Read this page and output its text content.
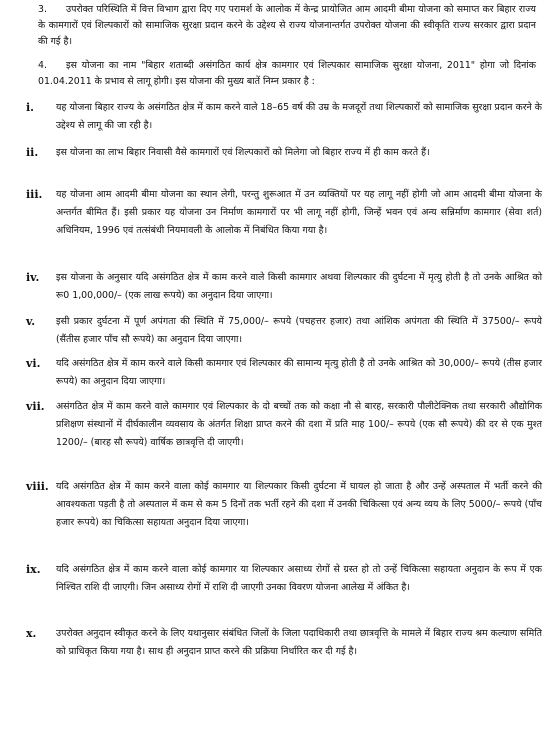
3. उपरोक्त परिस्थिति में वित्त विभाग द्वारा दिए गए परामर्श के आलोक में केन्द्र प्रायोजित आम आदमी बीमा योजना को समाप्त कर बिहार राज्य के कामगारों एवं शिल्पकारों को सामाजिक सुरक्षा प्रदान करने के उद्देश्य से राज्य योजनान्तर्गत उपरोक्त योजना की स्वीकृति राज्य सरकार द्वारा प्रदान की गई है।
4. इस योजना का नाम "बिहार शताब्दी असंगठित कार्य क्षेत्र कामगार एवं शिल्पकार सामाजिक सुरक्षा योजना, 2011" होगा जो दिनांक 01.04.2011 के प्रभाव से लागू होगी। इस योजना की मुख्य बातें निम्न प्रकार है :
i.	यह योजना बिहार राज्य के असंगठित क्षेत्र में काम करने वाले 18–65 वर्ष की उम्र के मजदूरों तथा शिल्पकारों को सामाजिक सुरक्षा प्रदान करने के उद्देश्य से लागू की जा रही है।
ii.	इस योजना का लाभ बिहार निवासी वैसे कामगारों एवं शिल्पकारों को मिलेगा जो बिहार राज्य में ही काम करते हैं।
iii.	यह योजना आम आदमी बीमा योजना का स्थान लेगी, परन्तु शुरूआत में उन व्यक्तियों पर यह लागू नहीं होगी जो आम आदमी बीमा योजना के अन्तर्गत बीमित हैं। इसी प्रकार यह योजना उन निर्माण कामगारों पर भी लागू नहीं होगी, जिन्हें भवन एवं अन्य सन्निर्माण कामगार (सेवा शर्त) अधिनियम, 1996 एवं तत्संबंधी नियमावली के आलोक में निबंधित किया गया है।
iv.	इस योजना के अनुसार यदि असंगठित क्षेत्र में काम करने वाले किसी कामगार अथवा शिल्पकार की दुर्घटना में मृत्यु होती है तो उनके आश्रित को रू0 1,00,000/– (एक लाख रूपये) का अनुदान दिया जाएगा।
v.	इसी प्रकार दुर्घटना में पूर्ण अपंगता की स्थिति में 75,000/– रूपये (पचहत्तर हजार) तथा आंशिक अपंगता की स्थिति में 37500/– रूपये (सैंतीस हजार पाँच सौ रूपये) का अनुदान दिया जाएगा।
vi.	यदि असंगठित क्षेत्र में काम करने वाले किसी कामगार एवं शिल्पकार की सामान्य मृत्यु होती है तो उनके आश्रित को 30,000/– रूपये (तीस हजार रूपये) का अनुदान दिया जाएगा।
vii.	असंगठित क्षेत्र में काम करने वाले कामगार एवं शिल्पकार के दो बच्चों तक को कक्षा नौ से बारह, सरकारी पौलीटेक्निक तथा सरकारी औद्योगिक प्रशिक्षण संस्थानों में दीर्घकालीन व्यवसाय के अंतर्गत शिक्षा प्राप्त करने की दशा में प्रति माह 100/– रूपये (एक सौ रूपये) की दर से एक मुश्त 1200/– (बारह सौ रूपये) वार्षिक छात्रवृत्ति दी जाएगी।
viii. यदि असंगठित क्षेत्र में काम करने वाला कोई कामगार या शिल्पकार किसी दुर्घटना में घायल हो जाता है और उन्हें अस्पताल में भर्ती करने की आवश्यकता पड़ती है तो अस्पताल में कम से कम 5 दिनों तक भर्ती रहने की दशा में उनकी चिकित्सा एवं अन्य व्यय के लिए 5000/– रूपये (पाँच हजार रूपये) का चिकित्सा सहायता अनुदान दिया जाएगा।
ix.	यदि असंगठित क्षेत्र में काम करने वाला कोई कामगार या शिल्पकार असाध्य रोगों से ग्रस्त हो तो उन्हें चिकित्सा सहायता अनुदान के रूप में एक निश्चित राशि दी जाएगी। जिन असाध्य रोगों में राशि दी जाएगी उनका विवरण योजना आलेख में अंकित है।
x.	उपरोक्त अनुदान स्वीकृत करने के लिए यथानुसार संबंधित जिलों के जिला पदाधिकारी तथा छात्रवृत्ति के मामले में बिहार राज्य श्रम कल्याण समिति को प्राधिकृत किया गया है। साथ ही अनुदान प्राप्त करने की प्रक्रिया निर्धारित कर दी गई है।
